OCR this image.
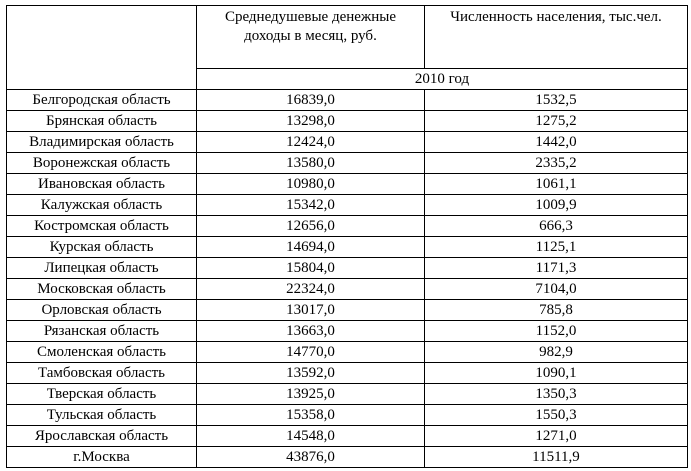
	Среднедушевые денежные доходы в месяц, руб.	Численность населения, тыс.чел.

	2010 год	
Белгородская область	16839,0	1532,5
Брянская область	13298,0	1275,2
Владимирская область	12424,0	1442,0
Воронежская область	13580,0	2335,2
Ивановская область	10980,0	1061,1
Калужская область	15342,0	1009,9
Костромская область	12656,0	666,3
Курская область	14694,0	1125,1
Липецкая область	15804,0	1171,3
Московская область	22324,0	7104,0
Орловская область	13017,0	785,8
Рязанская область	13663,0	1152,0
Смоленская область	14770,0	982,9
Тамбовская область	13592,0	1090,1
Тверская область	13925,0	1350,3
Тульская область	15358,0	1550,3
Ярославская область	14548,0	1271,0
г.Москва	43876,0	11511,9
